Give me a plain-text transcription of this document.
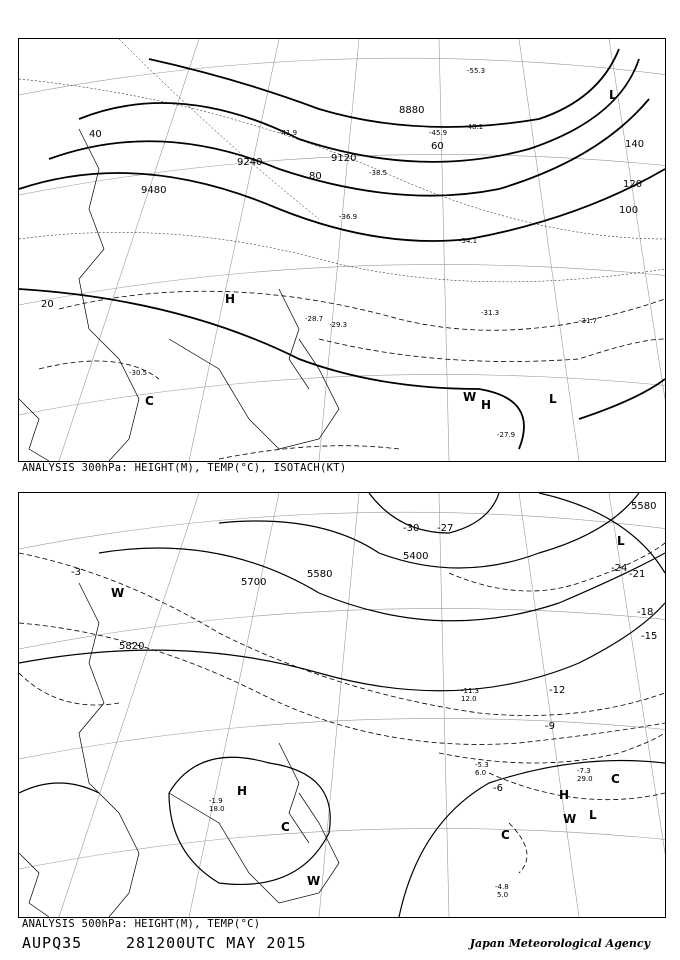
8880
9120
9240
9480
20
40
60
80
100
120
140
-27.9
-28.7
-29.3
-30.5
-31.3
-31.7
-34.1
-36.9
-38.5
-41.9	-45.9
-48.1
-55.3
H
H
W	L
L
C
ANALYSIS 300hPa: HEIGHT(M), TEMP(°C), ISOTACH(KT)
5580
5400
5700
5820
5580
-3
-6
-9
-12
-15
-18
-21
-24
-27
-30
-4.8
5.0
-7.3
29.0
-11.3
12.0
-5.3
6.0
-1.9
18.0
H	H
L
L
W
W
W
C
C
C
ANALYSIS 500hPa: HEIGHT(M), TEMP(°C)
AUPQ35	281200UTC MAY 2015	Japan Meteorological Agency
